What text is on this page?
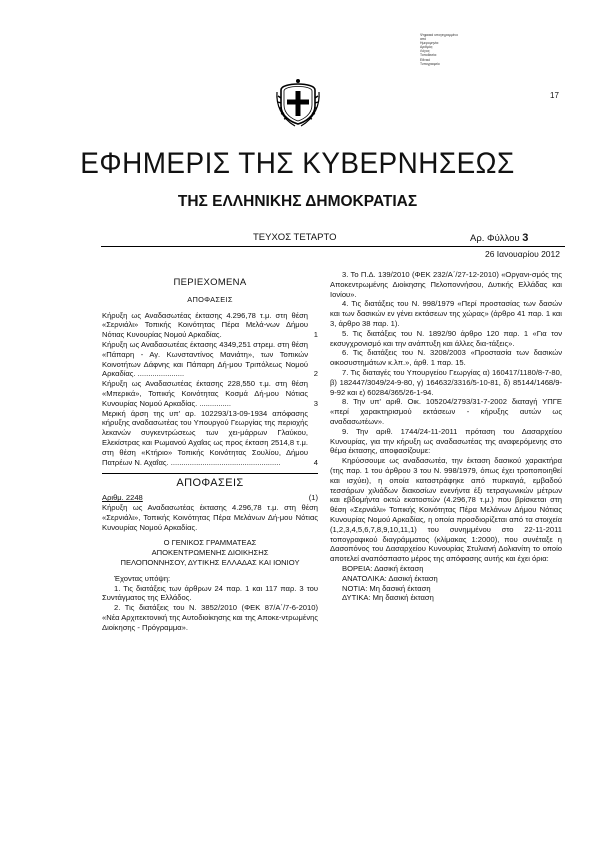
Ψηφιακά υπογεγραμμένο
από
Ημερομηνία:
Αριθμός:
Λόγος:
Τοποθεσία:
Εθνικό
Τυπογραφείο
17
ΕΦΗΜΕΡΙΣ ΤΗΣ ΚΥΒΕΡΝΗΣΕΩΣ
ΤΗΣ ΕΛΛΗΝΙΚΗΣ ΔΗΜΟΚΡΑΤΙΑΣ
ΤΕΥΧΟΣ ΤΕΤΑΡΤΟ	Αρ. Φύλλου 3
26 Ιανουαρίου 2012
ΠΕΡΙΕΧΟΜΕΝΑ
ΑΠΟΦΑΣΕΙΣ
Κήρυξη ως Αναδασωτέας έκτασης 4.296,78 τ.μ. στη θέση «Σερνιάλι» Τοπικής Κοινότητας Πέρα Μελά-νων Δήμου Νότιας Κυνουρίας Νομού Αρκαδίας.	1
Κήρυξη ως Αναδασωτέας έκτασης 4349,251 στρεμ. στη θέση «Πάπαρη - Αγ. Κωνσταντίνος Μανιάτη», των Τοπικών Κοινοτήτων Δάφνης και Πάπαρη Δή-μου Τριπόλεως Νομού Αρκαδίας. ......................	2
Κήρυξη ως Αναδασωτέας έκτασης 228,550 τ.μ. στη θέση «Μπερικά», Τοπικής Κοινότητας Κοσμά Δή-μου Νότιας Κυνουρίας Νομού Αρκαδίας. ...............	3
Μερική άρση της υπ' αρ. 102293/13-09-1934 απόφασης κήρυξης αναδασωτέας του Υπουργού Γεωργίας της περιοχής λεκανών συγκεντρώσεως των χει-μάρρων Γλαύκου, Ελεκίστρας και Ρωμανού Αχαΐας ως προς έκταση 2514,8 τ.μ. στη θέση «Κτήριο» Τοπικής Κοινότητας Σουλίου, Δήμου Πατρέων Ν. Αχαΐας. ....................................................	4
ΑΠΟΦΑΣΕΙΣ
Αριθμ. 2248	(1)

Κήρυξη ως Αναδασωτέας έκτασης 4.296,78 τ.μ. στη θέση «Σερνιάλι», Τοπικής Κοινότητας Πέρα Μελάνων Δή-μου Νότιας Κυνουρίας Νομού Αρκαδίας.

Ο ΓΕΝΙΚΟΣ ΓΡΑΜΜΑΤΕΑΣ
ΑΠΟΚΕΝΤΡΩΜΕΝΗΣ ΔΙΟΙΚΗΣΗΣ
ΠΕΛΟΠΟΝΝΗΣΟΥ, ΔΥΤΙΚΗΣ ΕΛΛΑΔΑΣ ΚΑΙ ΙΟΝΙΟΥ

Έχοντας υπόψη:

1. Τις διατάξεις των άρθρων 24 παρ. 1 και 117 παρ. 3 του Συντάγματος της Ελλάδος.

2. Τις διατάξεις του Ν. 3852/2010 (ΦΕΚ 87/Α΄/7-6-2010) «Νέα Αρχιτεκτονική της Αυτοδιοίκησης και της Αποκε-ντρωμένης Διοίκησης - Πρόγραμμα».

3. Το Π.Δ. 139/2010 (ΦΕΚ 232/Α΄/27-12-2010) «Οργανι-σμός της Αποκεντρωμένης Διοίκησης Πελοποννήσου, Δυτικής Ελλάδας και Ιονίου».

4. Τις διατάξεις του Ν. 998/1979 «Περί προστασίας των δασών και των δασικών εν γένει εκτάσεων της χώρας» (άρθρο 41 παρ. 1 και 3, άρθρο 38 παρ. 1).

5. Τις διατάξεις του Ν. 1892/90 άρθρο 120 παρ. 1 «Για τον εκσυγχρονισμό και την ανάπτυξη και άλλες δια-τάξεις».

6. Τις διατάξεις του Ν. 3208/2003 «Προστασία των δασικών οικοσυστημάτων κ.λπ.», άρθ. 1 παρ. 15.

7. Τις διαταγές του Υπουργείου Γεωργίας α) 160417/1180/8-7-80, β) 182447/3049/24-9-80, γ) 164632/3316/5-10-81, δ) 85144/1468/9-9-92 και ε) 60284/365/26-1-94.

8. Την υπ' αριθ. Οικ. 105204/2793/31-7-2002 διαταγή ΥΠΓΕ «περί χαρακτηρισμού εκτάσεων - κήρυξης αυτών ως αναδασωτέων».

9. Την αριθ. 1744/24-11-2011 πρόταση του Δασαρχείου Κυνουρίας, για την κήρυξη ως αναδασωτέας της αναφερόμενης στο θέμα έκτασης, αποφασίζουμε:

Κηρύσσουμε ως αναδασωτέα, την έκταση δασικού χαρακτήρα (της παρ. 1 του άρθρου 3 του Ν. 998/1979, όπως έχει τροποποιηθεί και ισχύει), η οποία καταστράφηκε από πυρκαγιά, εμβαδού τεσσάρων χιλιάδων διακοσίων ενενήντα έξι τετραγωνικών μέτρων και εβδομήντα οκτώ εκατοστών (4.296,78 τ.μ.) που βρίσκεται στη θέση «Σερνιάλι» Τοπικής Κοινότητας Πέρα Μελάνων Δήμου Νότιας Κυνουρίας Νομού Αρκαδίας, η οποία προσδιορίζεται από τα στοιχεία (1,2,3,4,5,6,7,8,9,10,11,1) του συνημμένου στο 22-11-2011 τοπογραφικού διαγράμματος (κλίμακας 1:2000), που συνέταξε η Δασοπόνος του Δασαρχείου Κυνουρίας Στυλιανή Δολιανίτη το οποίο αποτελεί αναπόσπαστο μέρος της απόφασης αυτής και έχει όρια:

ΒΟΡΕΙΑ: Δασική έκταση
ΑΝΑΤΟΛΙΚΑ: Δασική έκταση
ΝΟΤΙΑ: Μη δασική έκταση
ΔΥΤΙΚΑ: Μη δασική έκταση
